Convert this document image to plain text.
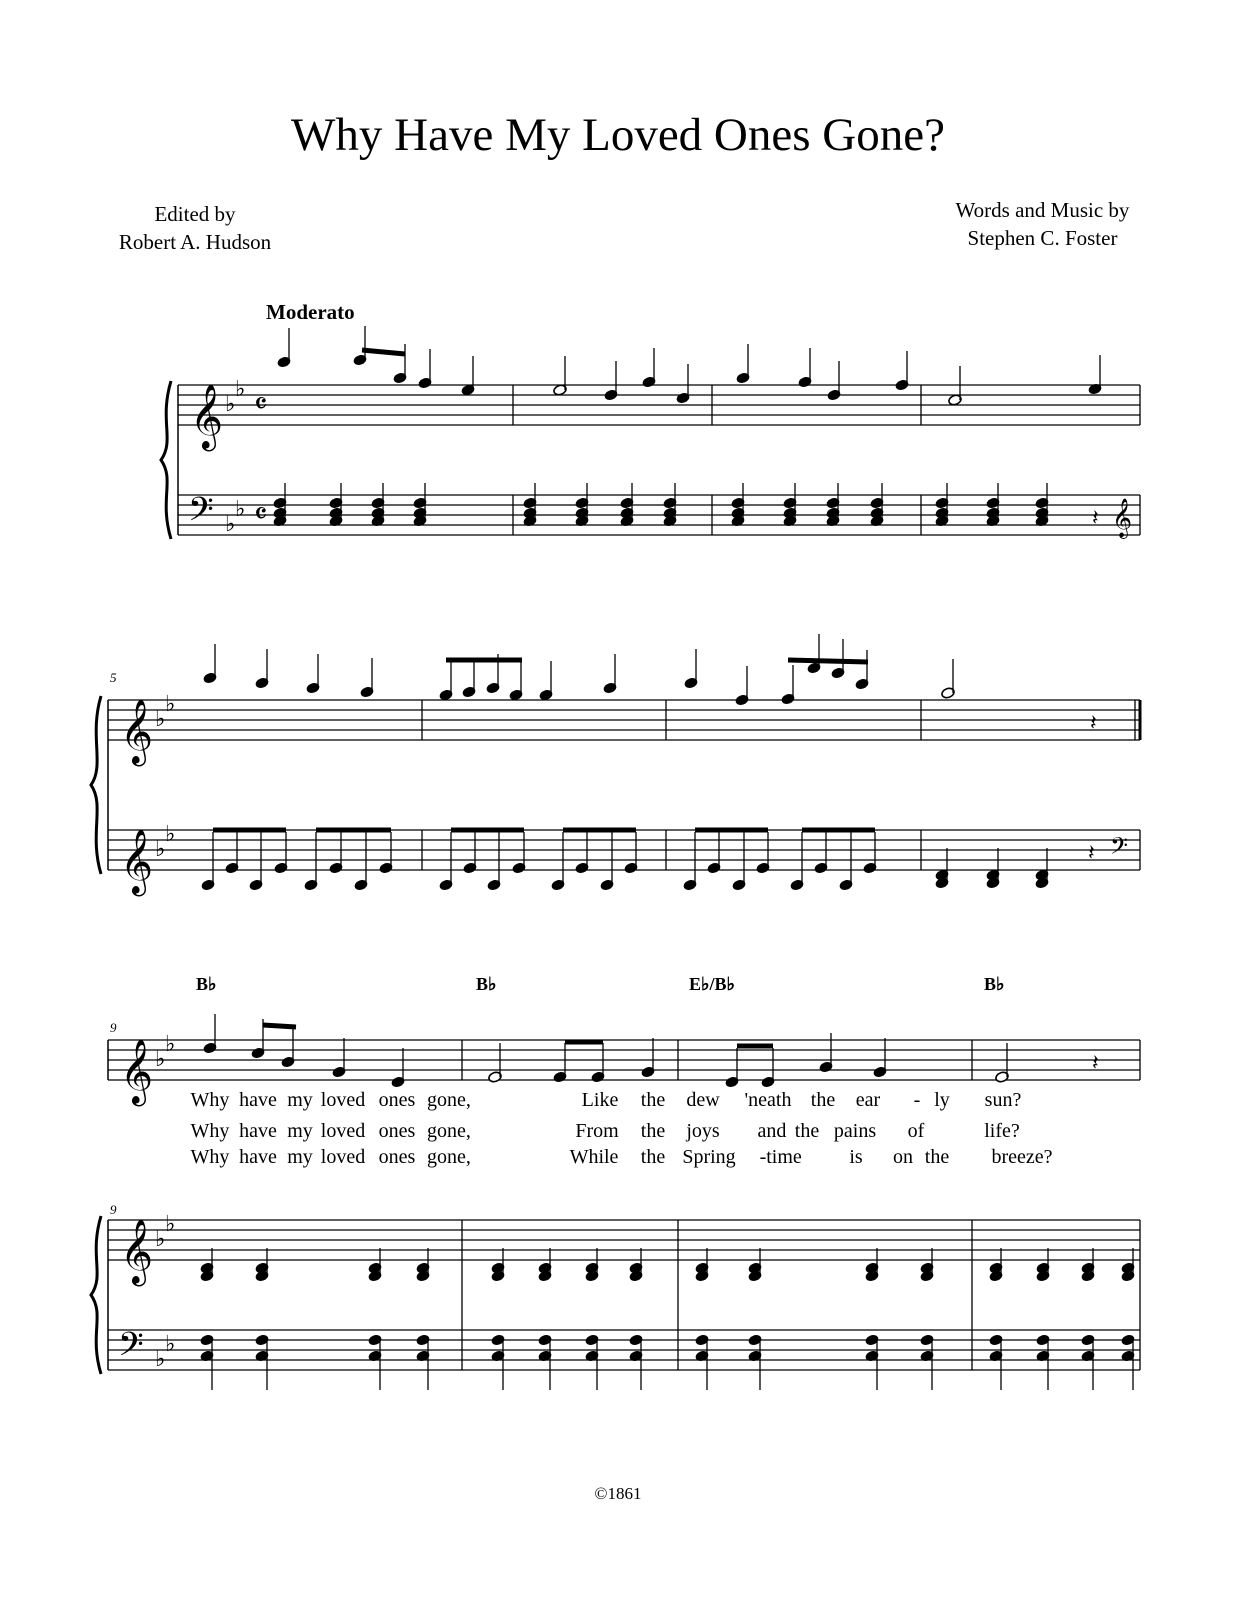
Why Have My Loved Ones Gone?
Edited by
Robert A. Hudson
Words and Music by
Stephen C. Foster
Moderato
𝄞
𝄢
♭
♭
♭
♭
𝄴
𝄴	𝄽 𝄞
𝄞
𝄞
♭
♭
♭
♭
𝄽
𝄽 𝄢
𝄞
𝄞
𝄢
♭
♭
♭
♭
♭
♭
𝄽
5
9
9
B♭	B♭	E♭/B♭	B♭
Why have my loved ones gone,	Like the dew 'neath the ear - ly sun?
Why have my loved ones gone,	From the joys and the pains of	life?
Why have my loved ones gone,	While the Spring - time is on the breeze?
©1861
